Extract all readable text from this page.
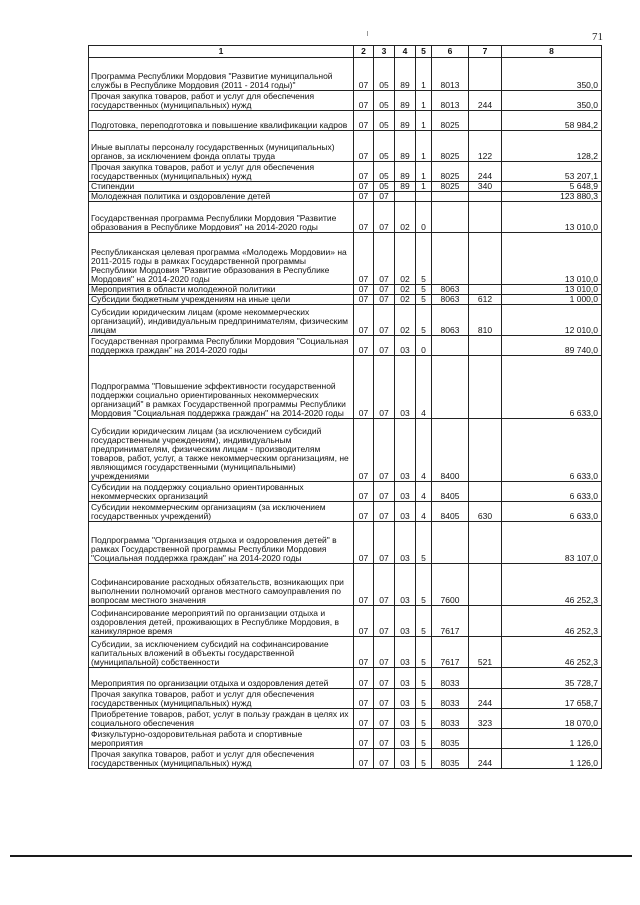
71
1	2	3	4	5	6	7	8
Программа Республики Мордовия "Развитие муниципальной службы в Республике Мордовия (2011 - 2014 годы)"	07	05	89	1	8013		350,0
Прочая закупка товаров, работ и услуг для обеспечения государственных (муниципальных) нужд	07	05	89	1	8013	244	350,0
Подготовка, переподготовка и повышение квалификации кадров	07	05	89	1	8025		58 984,2
Иные выплаты персоналу государственных (муниципальных) органов, за исключением фонда оплаты труда	07	05	89	1	8025	122	128,2
Прочая закупка товаров, работ и услуг для обеспечения государственных (муниципальных) нужд	07	05	89	1	8025	244	53 207,1
Стипендии	07	05	89	1	8025	340	5 648,9
Молодежная политика и оздоровление детей	07	07					123 880,3
Государственная программа Республики Мордовия "Развитие образования в Республике Мордовия" на 2014-2020 годы	07	07	02	0			13 010,0
Республиканская целевая программа «Молодежь Мордовии» на 2011-2015 годы в рамках Государственной программы Республики Мордовия "Развитие образования в Республике Мордовия" на 2014-2020 годы	07	07	02	5			13 010,0
Мероприятия в области молодежной политики	07	07	02	5	8063		13 010,0
Субсидии бюджетным учреждениям на иные цели	07	07	02	5	8063	612	1 000,0
Субсидии юридическим лицам (кроме некоммерческих организаций), индивидуальным предпринимателям, физическим лицам	07	07	02	5	8063	810	12 010,0
Государственная программа Республики Мордовия "Социальная поддержка граждан" на 2014-2020 годы	07	07	03	0			89 740,0
Подпрограмма "Повышение эффективности государственной поддержки социально ориентированных некоммерческих организаций" в рамках Государственной программы Республики Мордовия "Социальная поддержка граждан" на 2014-2020 годы	07	07	03	4			6 633,0
Субсидии юридическим лицам (за исключением субсидий государственным учреждениям), индивидуальным предпринимателям, физическим лицам - производителям товаров, работ, услуг, а также некоммерческим организациям, не являющимся государственными (муниципальными) учреждениями	07	07	03	4	8400		6 633,0
Субсидии на поддержку социально ориентированных некоммерческих организаций	07	07	03	4	8405		6 633,0
Субсидии некоммерческим организациям (за исключением государственных учреждений)	07	07	03	4	8405	630	6 633,0
Подпрограмма "Организация отдыха и оздоровления детей" в рамках Государственной программы Республики Мордовия "Социальная поддержка граждан" на 2014-2020 годы	07	07	03	5			83 107,0
Софинансирование расходных обязательств, возникающих при выполнении полномочий органов местного самоуправления по вопросам местного значения	07	07	03	5	7600		46 252,3
Софинансирование мероприятий по организации отдыха и оздоровления детей, проживающих в Республике Мордовия, в каникулярное время	07	07	03	5	7617		46 252,3
Субсидии, за исключением субсидий на софинансирование капитальных вложений в объекты государственной (муниципальной) собственности	07	07	03	5	7617	521	46 252,3
Мероприятия по организации отдыха и оздоровления детей	07	07	03	5	8033		35 728,7
Прочая закупка товаров, работ и услуг для обеспечения государственных (муниципальных) нужд	07	07	03	5	8033	244	17 658,7
Приобретение товаров, работ, услуг в пользу граждан в целях их социального обеспечения	07	07	03	5	8033	323	18 070,0
Физкультурно-оздоровительная работа и спортивные мероприятия	07	07	03	5	8035		1 126,0
Прочая закупка товаров, работ и услуг для обеспечения государственных (муниципальных) нужд	07	07	03	5	8035	244	1 126,0
